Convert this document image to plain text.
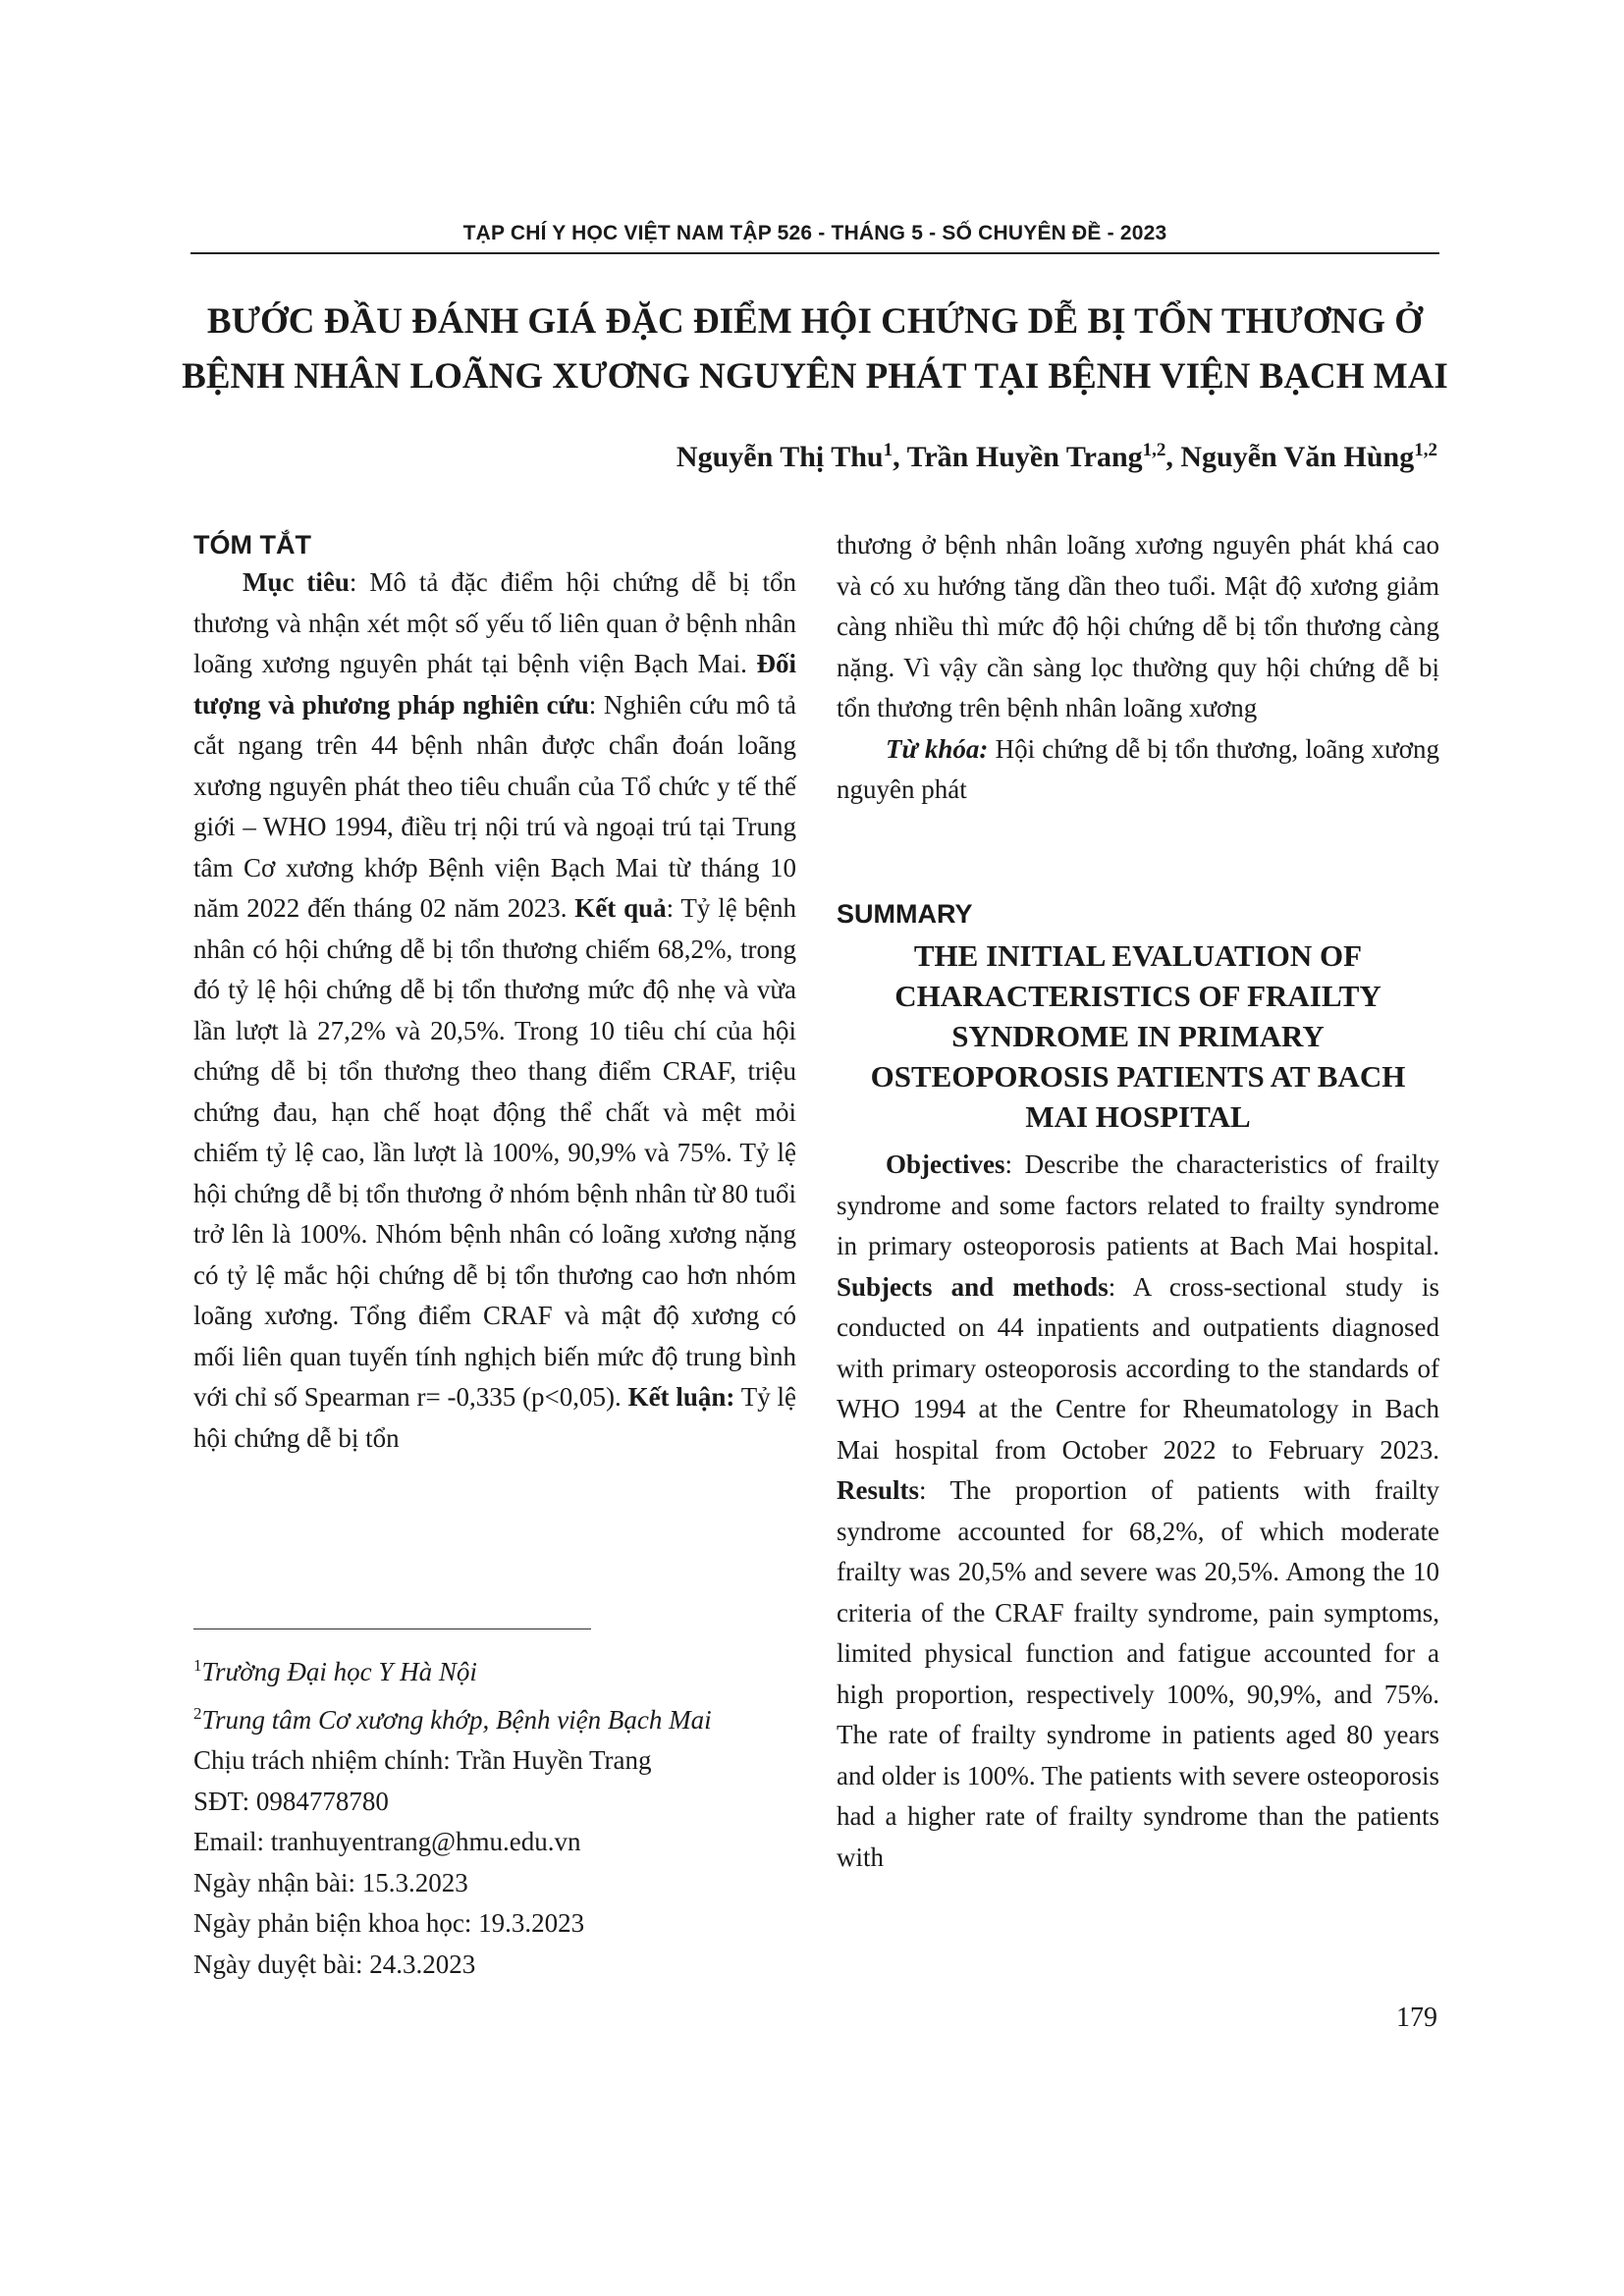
TẠP CHÍ Y HỌC VIỆT NAM TẬP 526 - THÁNG 5 - SỐ CHUYÊN ĐỀ - 2023
BƯỚC ĐẦU ĐÁNH GIÁ ĐẶC ĐIỂM HỘI CHỨNG DỄ BỊ TỔN THƯƠNG Ở
BỆNH NHÂN LOÃNG XƯƠNG NGUYÊN PHÁT TẠI BỆNH VIỆN BẠCH MAI
Nguyễn Thị Thu$^1$, Trần Huyền Trang$^{1,2}$, Nguyễn Văn Hùng$^{1,2}$
TÓM TẮT

Mục tiêu: Mô tả đặc điểm hội chứng dễ bị tổn thương và nhận xét một số yếu tố liên quan ở bệnh nhân loãng xương nguyên phát tại bệnh viện Bạch Mai. Đối tượng và phương pháp nghiên cứu: Nghiên cứu mô tả cắt ngang trên 44 bệnh nhân được chẩn đoán loãng xương nguyên phát theo tiêu chuẩn của Tổ chức y tế thế giới – WHO 1994, điều trị nội trú và ngoại trú tại Trung tâm Cơ xương khớp Bệnh viện Bạch Mai từ tháng 10 năm 2022 đến tháng 02 năm 2023. Kết quả: Tỷ lệ bệnh nhân có hội chứng dễ bị tổn thương chiếm 68,2%, trong đó tỷ lệ hội chứng dễ bị tổn thương mức độ nhẹ và vừa lần lượt là 27,2% và 20,5%. Trong 10 tiêu chí của hội chứng dễ bị tổn thương theo thang điểm CRAF, triệu chứng đau, hạn chế hoạt động thể chất và mệt mỏi chiếm tỷ lệ cao, lần lượt là 100%, 90,9% và 75%. Tỷ lệ hội chứng dễ bị tổn thương ở nhóm bệnh nhân từ 80 tuổi trở lên là 100%. Nhóm bệnh nhân có loãng xương nặng có tỷ lệ mắc hội chứng dễ bị tổn thương cao hơn nhóm loãng xương. Tổng điểm CRAF và mật độ xương có mối liên quan tuyến tính nghịch biến mức độ trung bình với chỉ số Spearman r= -0,335 (p<0,05). Kết luận: Tỷ lệ hội chứng dễ bị tổn

$^1$Trường Đại học Y Hà Nội

$^2$Trung tâm Cơ xương khớp, Bệnh viện Bạch Mai

Chịu trách nhiệm chính: Trần Huyền Trang

SĐT: 0984778780

Email: tranhuyentrang@hmu.edu.vn

Ngày nhận bài: 15.3.2023

Ngày phản biện khoa học: 19.3.2023

Ngày duyệt bài: 24.3.2023

thương ở bệnh nhân loãng xương nguyên phát khá cao và có xu hướng tăng dần theo tuổi. Mật độ xương giảm càng nhiều thì mức độ hội chứng dễ bị tổn thương càng nặng. Vì vậy cần sàng lọc thường quy hội chứng dễ bị tổn thương trên bệnh nhân loãng xương

Từ khóa: Hội chứng dễ bị tổn thương, loãng xương nguyên phát

SUMMARY
THE INITIAL EVALUATION OF
CHARACTERISTICS OF FRAILTY
SYNDROME IN PRIMARY
OSTEOPOROSIS PATIENTS AT BACH
MAI HOSPITAL

Objectives: Describe the characteristics of frailty syndrome and some factors related to frailty syndrome in primary osteoporosis patients at Bach Mai hospital. Subjects and methods: A cross-sectional study is conducted on 44 inpatients and outpatients diagnosed with primary osteoporosis according to the standards of WHO 1994 at the Centre for Rheumatology in Bach Mai hospital from October 2022 to February 2023. Results: The proportion of patients with frailty syndrome accounted for 68,2%, of which moderate frailty was 20,5% and severe was 20,5%. Among the 10 criteria of the CRAF frailty syndrome, pain symptoms, limited physical function and fatigue accounted for a high proportion, respectively 100%, 90,9%, and 75%. The rate of frailty syndrome in patients aged 80 years and older is 100%. The patients with severe osteoporosis had a higher rate of frailty syndrome than the patients with

179
